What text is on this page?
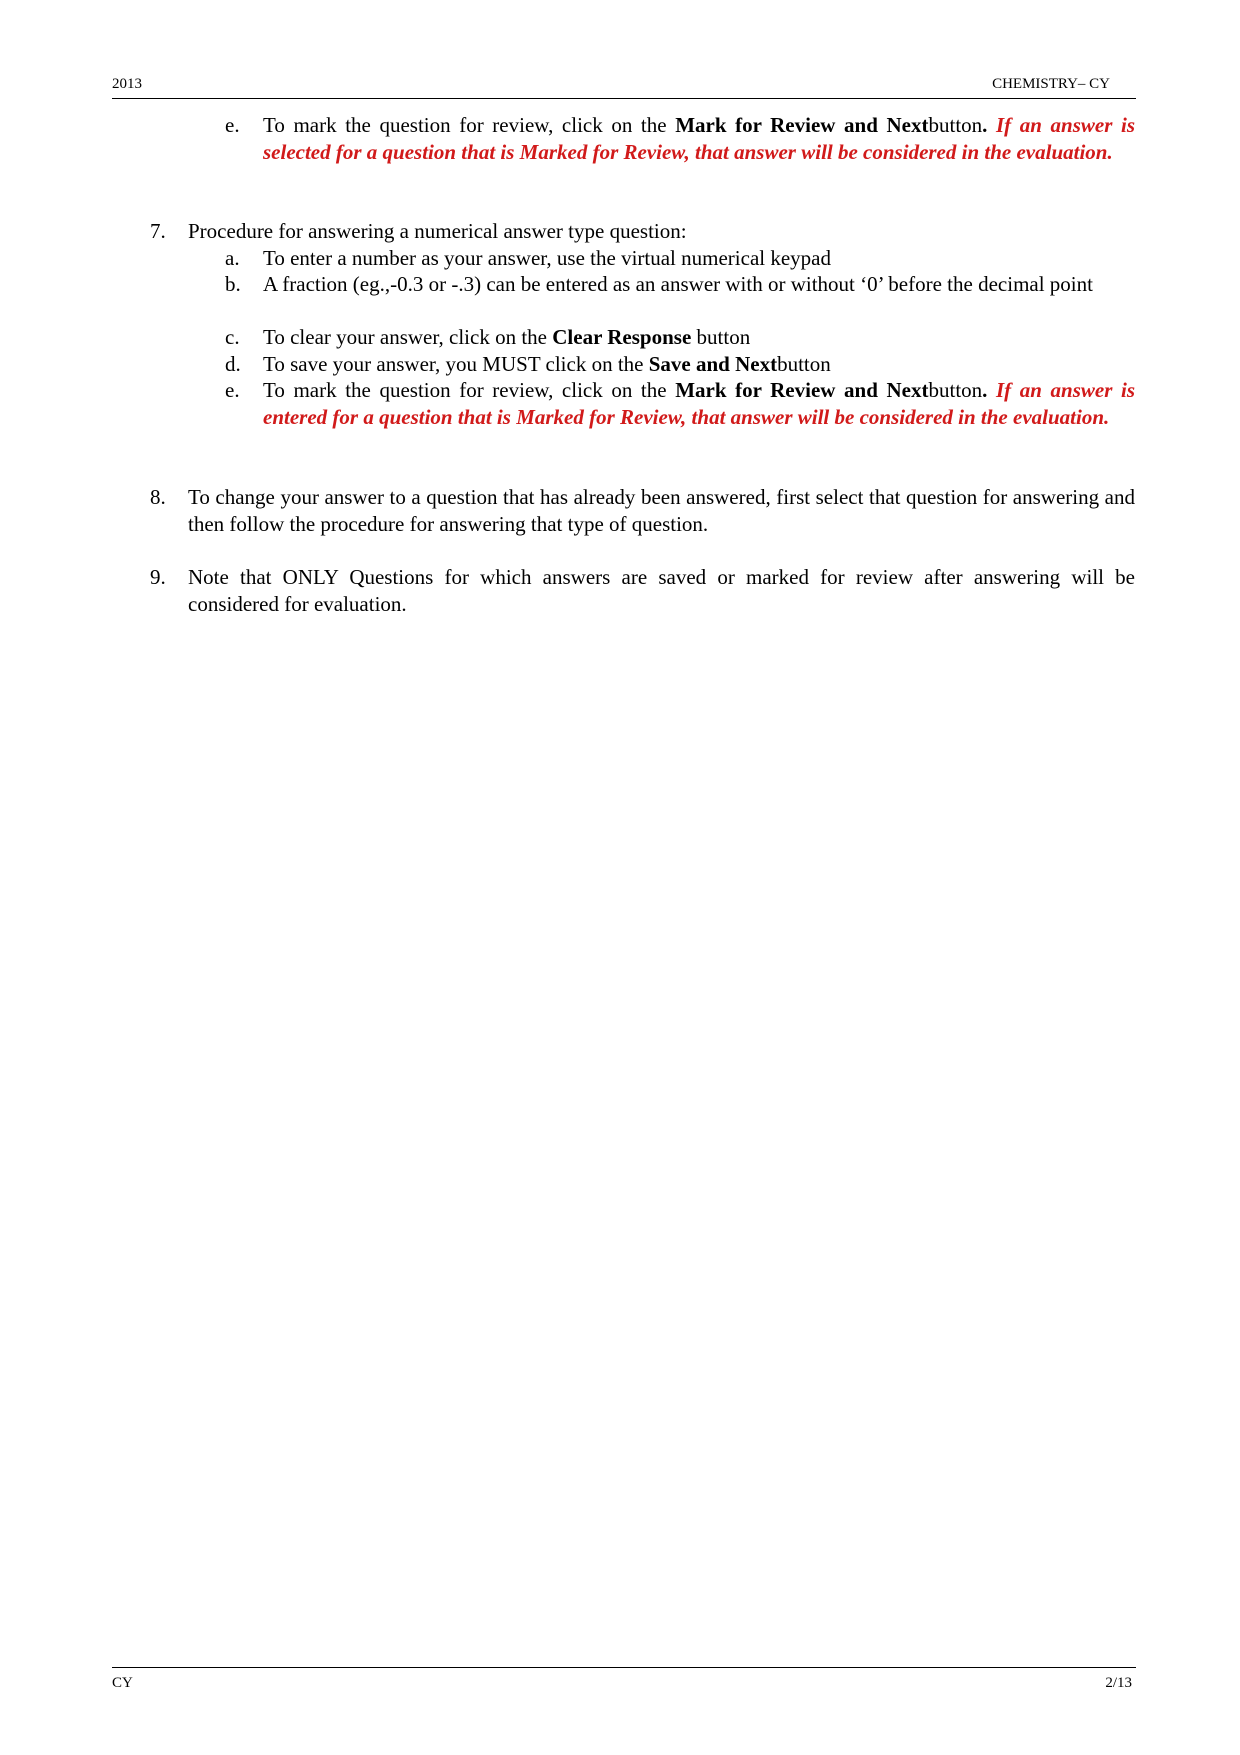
2013	CHEMISTRY– CY
e. To mark the question for review, click on the Mark for Review and Nextbutton. If an answer is selected for a question that is Marked for Review, that answer will be considered in the evaluation.
7. Procedure for answering a numerical answer type question:
a. To enter a number as your answer, use the virtual numerical keypad
b. A fraction (eg.,-0.3 or -.3) can be entered as an answer with or without ‘0’ before the decimal point
c. To clear your answer, click on the Clear Response button
d. To save your answer, you MUST click on the Save and Nextbutton
e. To mark the question for review, click on the Mark for Review and Nextbutton. If an answer is entered for a question that is Marked for Review, that answer will be considered in the evaluation.
8. To change your answer to a question that has already been answered, first select that question for answering and then follow the procedure for answering that type of question.
9. Note that ONLY Questions for which answers are saved or marked for review after answering will be considered for evaluation.
CY	2/13
